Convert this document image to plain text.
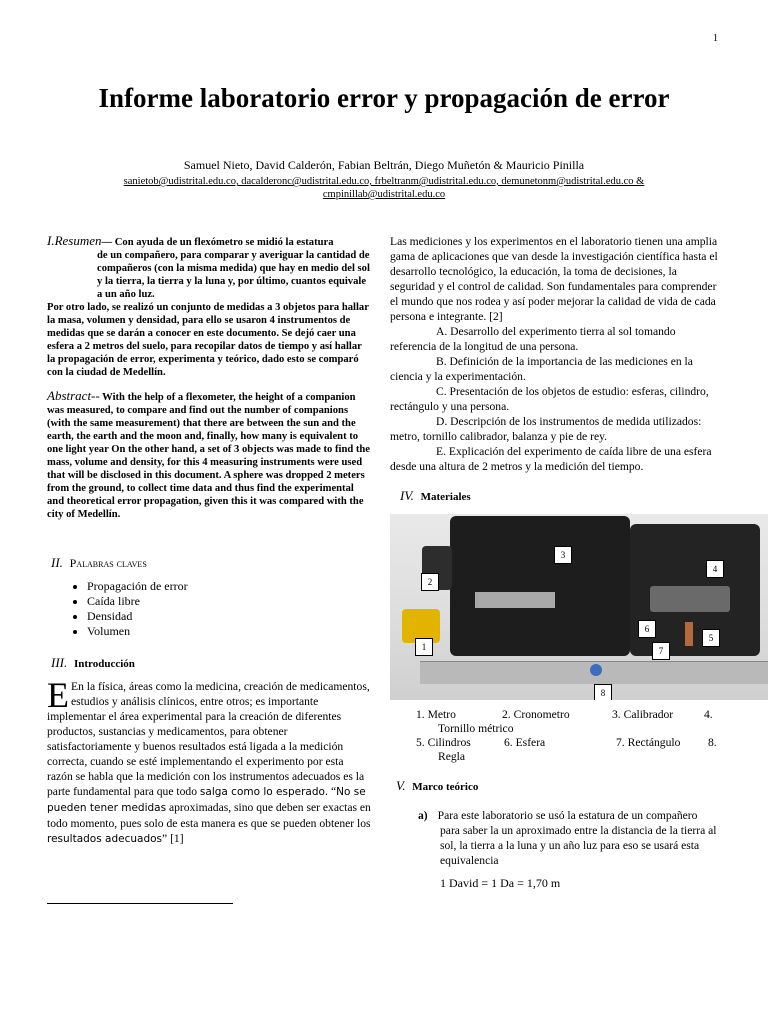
1
Informe laboratorio error y propagación de error
Samuel Nieto, David Calderón, Fabian Beltrán, Diego Muñetón & Mauricio Pinilla
sanietob@udistrital.edu.co, dacalderonc@udistrital.edu.co, frbeltranm@udistrital.edu.co, demunetonm@udistrital.edu.co & cmpinillab@udistrital.edu.co
I.Resumen— Con ayuda de un flexómetro se midió la estatura
de un compañero, para comparar y averiguar la cantidad de compañeros (con la misma medida) que hay en medio del sol y la tierra, la tierra y la luna y, por último, cuantos equivale a un año luz.
Por otro lado, se realizó un conjunto de medidas a 3 objetos para hallar la masa, volumen y densidad, para ello se usaron 4 instrumentos de medidas que se darán a conocer en este documento. Se dejó caer una esfera a 2 metros del suelo, para recopilar datos de tiempo y así hallar la propagación de error, experimenta y teórico, dado esto se comparó con la ciudad de Medellín.
Abstract-- With the help of a flexometer, the height of a companion was measured, to compare and find out the number of companions (with the same measurement) that there are between the sun and the earth, the earth and the moon and, finally, how many is equivalent to one light year On the other hand, a set of 3 objects was made to find the mass, volume and density, for this 4 measuring instruments were used that will be disclosed in this document. A sphere was dropped 2 meters from the ground, to collect time data and thus find the experimental and theoretical error propagation, given this it was compared with the city of Medellín.
II. Palabras claves
• Propagación de error
• Caída libre
• Densidad
• Volumen
III. Introducción
E En la física, áreas como la medicina, creación de medicamentos, estudios y análisis clínicos, entre otros; es importante implementar el área experimental para la creación de diferentes productos, sustancias y medicamentos, para obtener satisfactoriamente y buenos resultados está ligada a la medición correcta, cuando se esté implementando el experimento por esta razón se habla que la medición con los instrumentos adecuados es la parte fundamental para que todo salga como lo esperado. “No se pueden tener medidas aproximadas, sino que deben ser exactas en todo momento, pues solo de esta manera es que se pueden obtener los resultados adecuados” [1]
Las mediciones y los experimentos en el laboratorio tienen una amplia gama de aplicaciones que van desde la investigación científica hasta el desarrollo tecnológico, la educación, la toma de decisiones, la seguridad y el control de calidad. Son fundamentales para comprender el mundo que nos rodea y así poder mejorar la calidad de vida de cada persona e integrante. [2]
A. Desarrollo del experimento tierra al sol tomando referencia de la longitud de una persona.
B. Definición de la importancia de las mediciones en la ciencia y la experimentación.
C. Presentación de los objetos de estudio: esferas, cilindro, rectángulo y una persona.
D. Descripción de los instrumentos de medida utilizados: metro, tornillo calibrador, balanza y pie de rey.
E. Explicación del experimento de caída libre de una esfera desde una altura de 2 metros y la medición del tiempo.
IV. Materiales
1
2
3
4
5
6
7
8
1. Metro	2. Cronometro	3. Calibrador	4.
Tornillo métrico
5. Cilindros	6. Esfera	7. Rectángulo	8.
Regla
V. Marco teórico
a) Para este laboratorio se usó la estatura de un compañero para saber la un aproximado entre la distancia de la tierra al sol, la tierra a la luna y un año luz para eso se usará esta equivalencia
1 David = 1 Da = 1,70 m
